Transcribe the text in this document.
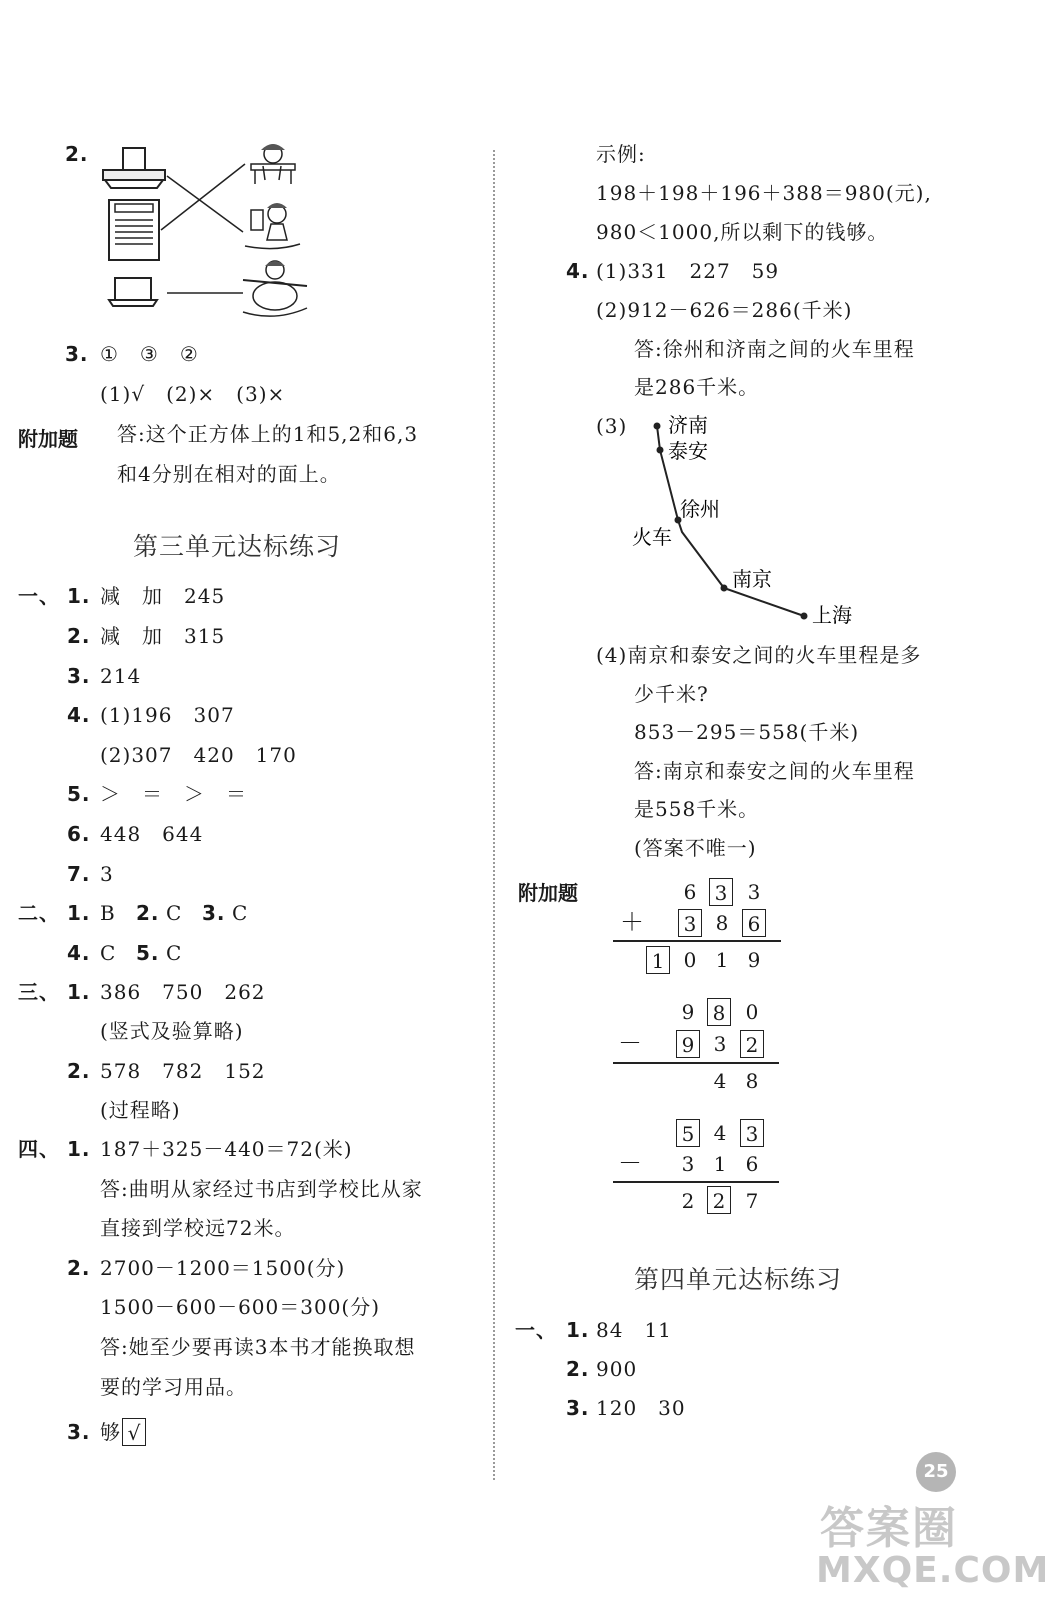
2.
3. ①　③　②
(1)√　(2)×　(3)×
附加题 答:这个正方体上的1和5,2和6,3
和4分别在相对的面上。
第三单元达标练习
一、 1. 减　加　245
2. 减　加　315
3. 214
4. (1)196　307
(2)307　420　170
5. ＞　＝　＞　＝
6. 448　644
7. 3
二、 1. B 2. C 3. C
4. C 5. C
三、 1. 386　750　262
(竖式及验算略)
2. 578　782　152
(过程略)
四、 1. 187＋325－440＝72(米)
答:曲明从家经过书店到学校比从家
直接到学校远72米。
2. 2700－1200＝1500(分)
1500－600－600＝300(分)
答:她至少要再读3本书才能换取想
要的学习用品。
3. 够 √
示例:
198＋198＋196＋388＝980(元),
980＜1000,所以剩下的钱够。
4. (1)331　227　59
(2)912－626＝286(千米)
答:徐州和济南之间的火车里程
是286千米。
(3) 济南
泰安
徐州
火车
南京
上海
(4)南京和泰安之间的火车里程是多
少千米?
853－295＝558(千米)
答:南京和泰安之间的火车里程
是558千米。
(答案不唯一)
附加题	6 3 3
＋ 3 8 6
1 0 1 9
9 8 0
－ 9 3 2
4 8
5 4 3
－ 3 1 6
2 2 7
第四单元达标练习
一、 1. 84　11
2. 900
3. 120　30
25
答案圈
MXQE.COM
